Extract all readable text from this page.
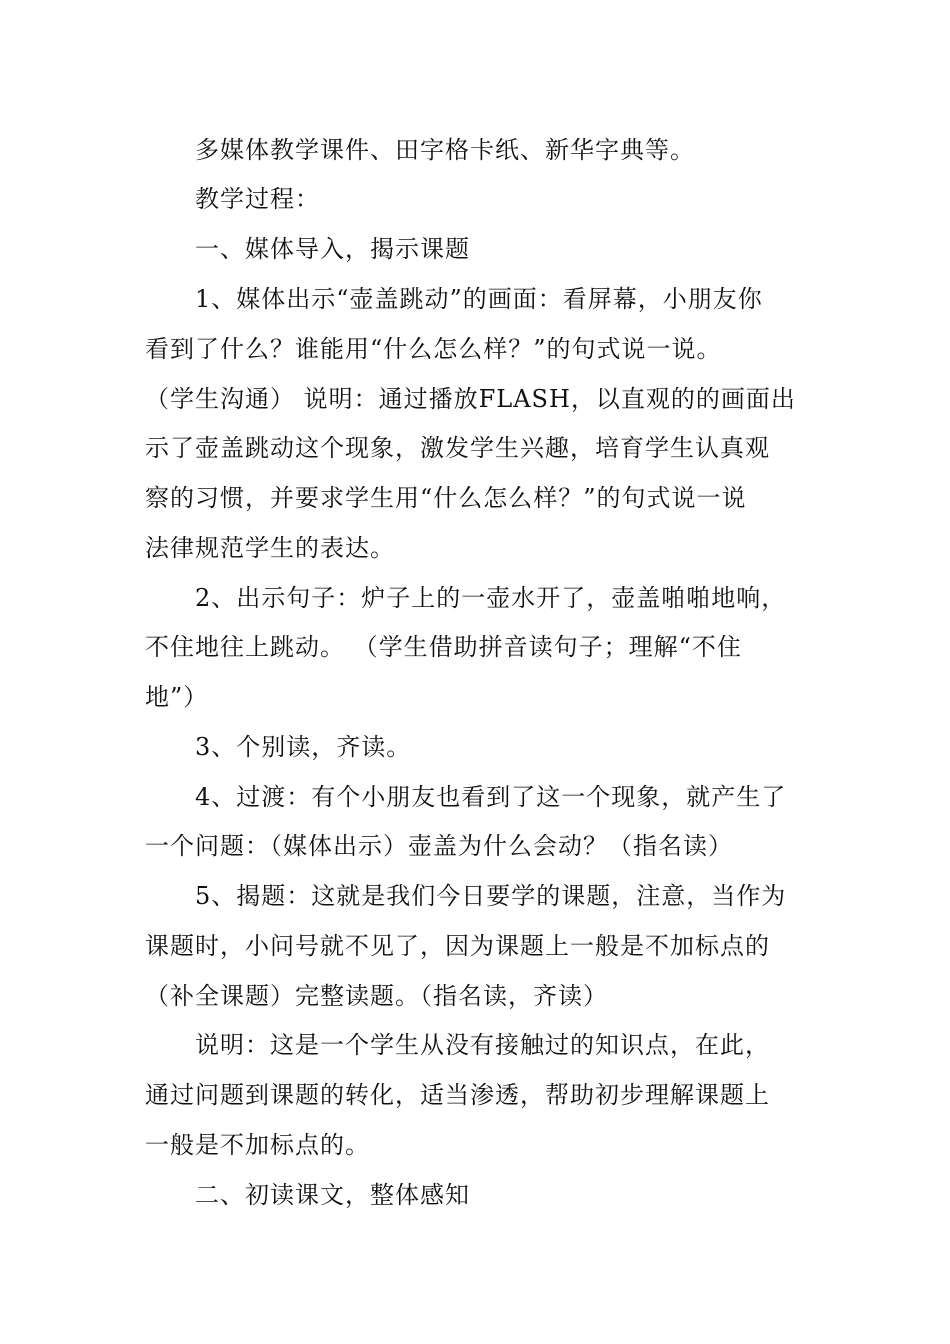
多媒体教学课件、田字格卡纸、新华字典等。
教学过程：
一、媒体导入，揭示课题
1、媒体出示“壶盖跳动”的画面：看屏幕，小朋友你
看到了什么？谁能用“什么怎么样？”的句式说一说。
（学生沟通） 说明：通过播放FLASH，以直观的的画面出
示了壶盖跳动这个现象，激发学生兴趣，培育学生认真观
察的习惯，并要求学生用“什么怎么样？”的句式说一说
法律规范学生的表达。
2、出示句子：炉子上的一壶水开了，壶盖啪啪地响，
不住地往上跳动。 （学生借助拼音读句子；理解“不住
地”）
3、个别读，齐读。
4、过渡：有个小朋友也看到了这一个现象，就产生了
一个问题：（媒体出示）壶盖为什么会动？（指名读）
5、揭题：这就是我们今日要学的课题，注意，当作为
课题时，小问号就不见了，因为课题上一般是不加标点的
（补全课题）完整读题。（指名读，齐读）
说明：这是一个学生从没有接触过的知识点，在此，
通过问题到课题的转化，适当渗透，帮助初步理解课题上
一般是不加标点的。
二、初读课文，整体感知
